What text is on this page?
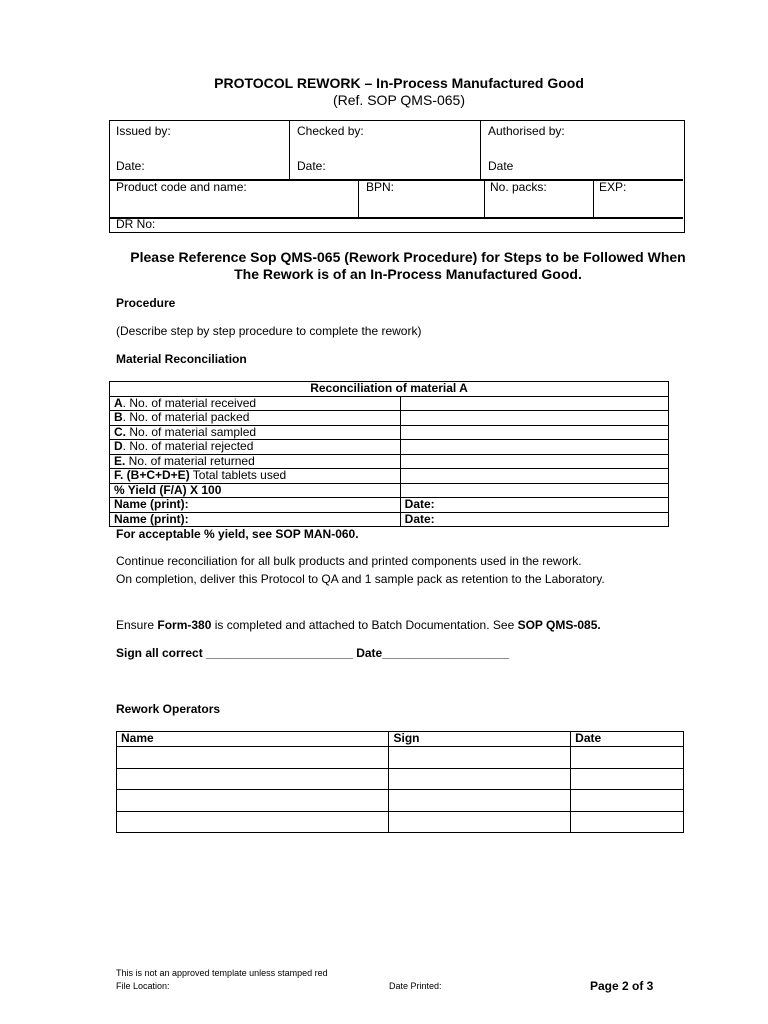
PROTOCOL REWORK – In-Process Manufactured Good
(Ref. SOP QMS-065)
Issued by:	Checked by:	Authorised by:
Date:	Date:	Date
Product code and name:	BPN:	No. packs:	EXP:
DR No:
Please Reference Sop QMS-065 (Rework Procedure) for Steps to be Followed When
The Rework is of an In-Process Manufactured Good.
Procedure
(Describe step by step procedure to complete the rework)
Material Reconciliation
Reconciliation of material A	
A. No. of material received	
B. No. of material packed	
C. No. of material sampled	
D. No. of material rejected	
E. No. of material returned	
F. (B+C+D+E) Total tablets used	
% Yield (F/A) X 100	
Name (print):	Date:
Name (print):	Date:
For acceptable % yield, see SOP MAN-060.
Continue reconciliation for all bulk products and printed components used in the rework.
On completion, deliver this Protocol to QA and 1 sample pack as retention to the Laboratory.
Ensure Form-380 is completed and attached to Batch Documentation. See SOP QMS-085.
Sign all correct ______________________ Date___________________
Rework Operators
Name	Sign	Date

This is not an approved template unless stamped red
File Location:	Date Printed:	Page 2 of 3
